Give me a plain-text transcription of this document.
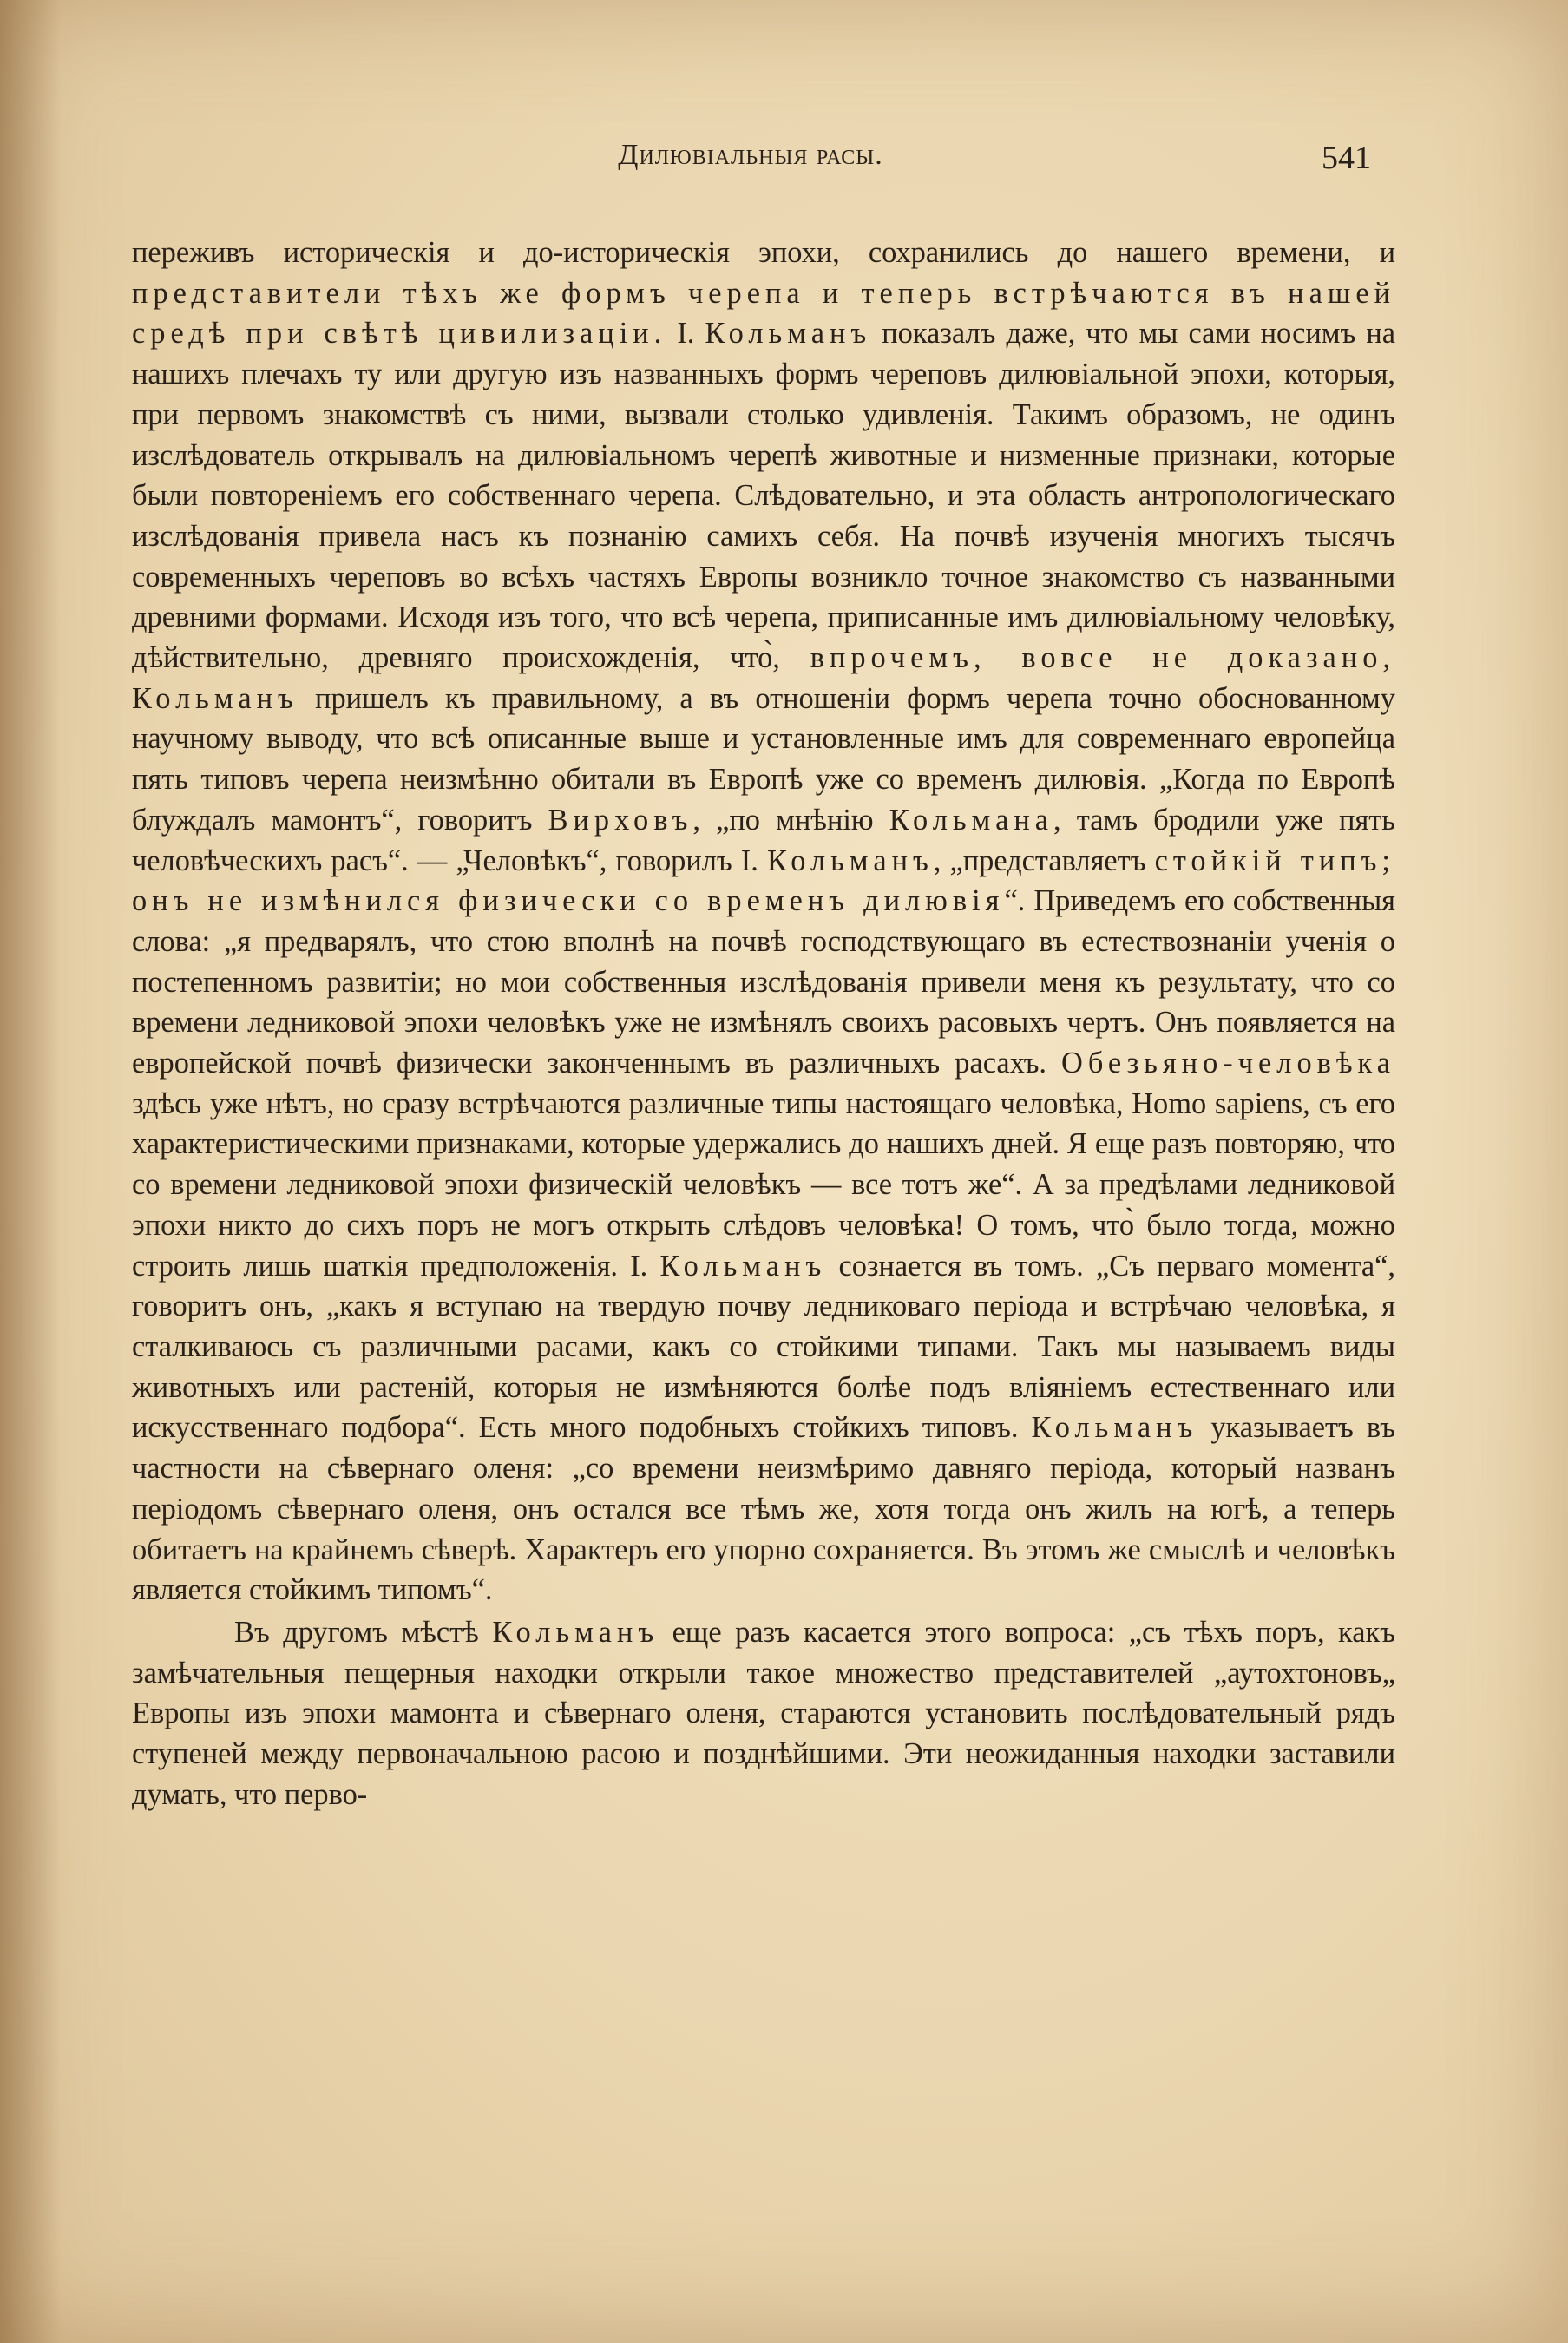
Дилювiальныя расы.	541

переживъ историческiя и до-историческiя эпохи, сохранились до нашего времени, и представители тѣхъ же формъ черепа и теперь встрѣчаются въ нашей средѣ при свѣтѣ цивилизацiи. I. Кольманъ показалъ даже, что мы сами носимъ на нашихъ плечахъ ту или другую изъ названныхъ формъ череповъ дилювiальной эпохи, которыя, при первомъ знакомствѣ съ ними, вызвали столько удивленiя. Такимъ образомъ, не одинъ изслѣдователь открывалъ на дилювiальномъ черепѣ животные и низменные признаки, которые были повторенiемъ его собственнаго черепа. Слѣдовательно, и эта область антропологическаго изслѣдованiя привела насъ къ познанiю самихъ себя. На почвѣ изученiя многихъ тысячъ современныхъ череповъ во всѣхъ частяхъ Европы возникло точное знакомство съ названными древними формами. Исходя изъ того, что всѣ черепа, приписанные имъ дилювiальному человѣку, дѣйствительно, древняго происхожденiя, что̀, впрочемъ, вовсе не доказано, Кольманъ пришелъ къ правильному, а въ отношенiи формъ черепа точно обоснованному научному выводу, что всѣ описанные выше и установленные имъ для современнаго европейца пять типовъ черепа неизмѣнно обитали въ Европѣ уже со временъ дилювiя. „Когда по Европѣ блуждалъ мамонтъ“, говоритъ Вирховъ, „по мнѣнiю Кольмана, тамъ бродили уже пять человѣческихъ расъ“. — „Человѣкъ“, говорилъ I. Кольманъ, „представляетъ стойкiй типъ; онъ не измѣнился физически со временъ дилювiя“. Приведемъ его собственныя слова: „я предварялъ, что стою вполнѣ на почвѣ господствующаго въ естествознанiи ученiя о постепенномъ развитiи; но мои собственныя изслѣдованiя привели меня къ результату, что со времени ледниковой эпохи человѣкъ уже не измѣнялъ своихъ расовыхъ чертъ. Онъ появляется на европейской почвѣ физически законченнымъ въ различныхъ расахъ. Обезьяно-человѣка здѣсь уже нѣтъ, но сразу встрѣчаются различные типы настоящаго человѣка, Homo sapiens, съ его характеристическими признаками, которые удержались до нашихъ дней. Я еще разъ повторяю, что со времени ледниковой эпохи физическiй человѣкъ — все тотъ же“. А за предѣлами ледниковой эпохи никто до сихъ поръ не могъ открыть слѣдовъ человѣка! О томъ, что̀ было тогда, можно строить лишь шаткiя предположенiя. I. Кольманъ сознается въ томъ. „Съ перваго момента“, говоритъ онъ, „какъ я вступаю на твердую почву ледниковаго перiода и встрѣчаю человѣка, я сталкиваюсь съ различными расами, какъ со стойкими типами. Такъ мы называемъ виды животныхъ или растенiй, которыя не измѣняются болѣе подъ влiянiемъ естественнаго или искусственнаго подбора“. Есть много подобныхъ стойкихъ типовъ. Кольманъ указываетъ въ частности на сѣвернаго оленя: „со времени неизмѣримо давняго перiода, который названъ перiодомъ сѣвернаго оленя, онъ остался все тѣмъ же, хотя тогда онъ жилъ на югѣ, а теперь обитаетъ на крайнемъ сѣверѣ. Характеръ его упорно сохраняется. Въ этомъ же смыслѣ и человѣкъ является стойкимъ типомъ“.

Въ другомъ мѣстѣ Кольманъ еще разъ касается этого вопроса: „съ тѣхъ поръ, какъ замѣчательныя пещерныя находки открыли такое множество представителей „аутохтоновъ„ Европы изъ эпохи мамонта и сѣвернаго оленя, стараются установить послѣдовательный рядъ ступеней между первоначальною расою и позднѣйшими. Эти неожиданныя находки заставили думать, что перво-
